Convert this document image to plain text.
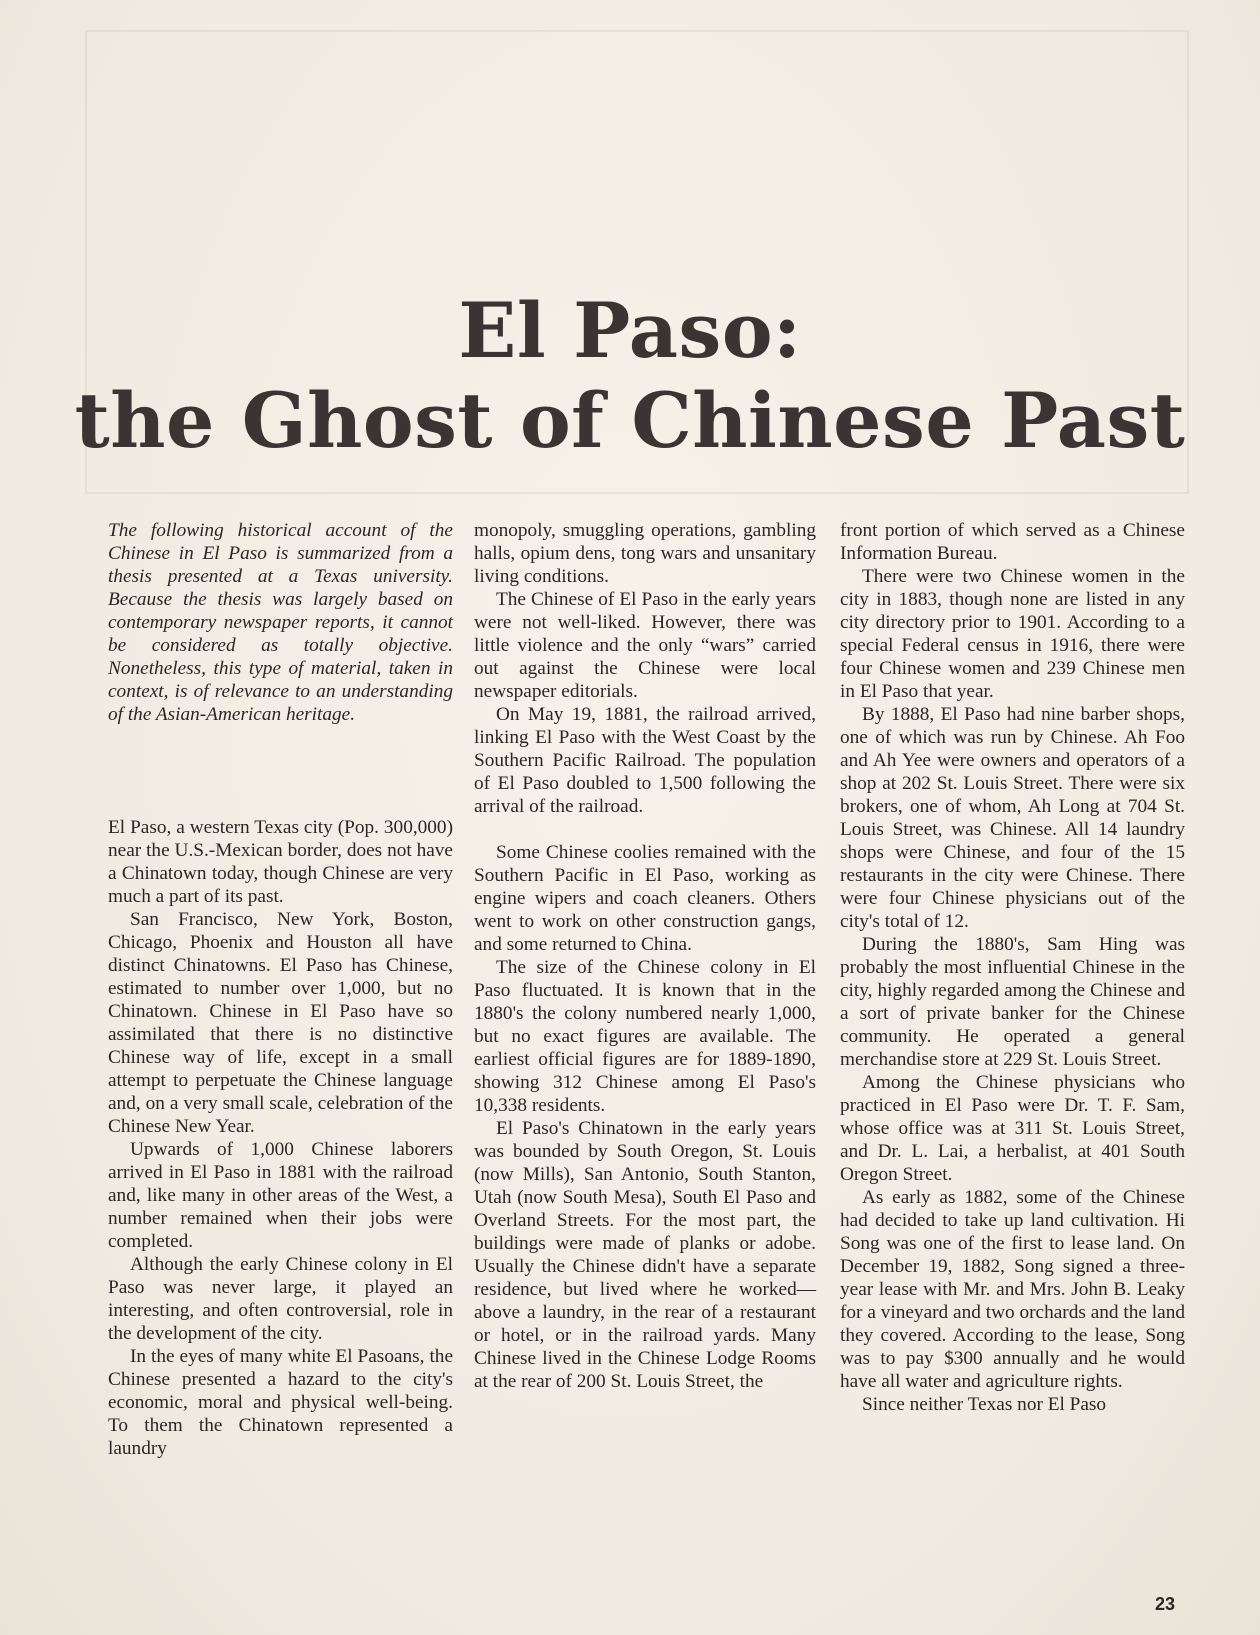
El Paso:
the Ghost of Chinese Past

The following historical account of the Chinese in El Paso is summarized from a thesis presented at a Texas university. Because the thesis was largely based on contemporary newspaper reports, it cannot be considered as totally objective. Nonetheless, this type of material, taken in context, is of relevance to an understanding of the Asian-American heritage.

El Paso, a western Texas city (Pop. 300,000) near the U.S.-Mexican border, does not have a Chinatown today, though Chinese are very much a part of its past.

San Francisco, New York, Boston, Chicago, Phoenix and Houston all have distinct Chinatowns. El Paso has Chinese, estimated to number over 1,000, but no Chinatown. Chinese in El Paso have so assimilated that there is no distinctive Chinese way of life, except in a small attempt to perpetuate the Chinese language and, on a very small scale, celebration of the Chinese New Year.

Upwards of 1,000 Chinese laborers arrived in El Paso in 1881 with the railroad and, like many in other areas of the West, a number remained when their jobs were completed.

Although the early Chinese colony in El Paso was never large, it played an interesting, and often controversial, role in the development of the city.

In the eyes of many white El Pasoans, the Chinese presented a hazard to the city's economic, moral and physical well-being. To them the Chinatown represented a laundry

monopoly, smuggling operations, gambling halls, opium dens, tong wars and unsanitary living conditions.

The Chinese of El Paso in the early years were not well-liked. However, there was little violence and the only “wars” carried out against the Chinese were local newspaper editorials.

On May 19, 1881, the railroad arrived, linking El Paso with the West Coast by the Southern Pacific Railroad. The population of El Paso doubled to 1,500 following the arrival of the railroad.

Some Chinese coolies remained with the Southern Pacific in El Paso, working as engine wipers and coach cleaners. Others went to work on other construction gangs, and some returned to China.

The size of the Chinese colony in El Paso fluctuated. It is known that in the 1880's the colony numbered nearly 1,000, but no exact figures are available. The earliest official figures are for 1889-1890, showing 312 Chinese among El Paso's 10,338 residents.

El Paso's Chinatown in the early years was bounded by South Oregon, St. Louis (now Mills), San Antonio, South Stanton, Utah (now South Mesa), South El Paso and Overland Streets. For the most part, the buildings were made of planks or adobe. Usually the Chinese didn't have a separate residence, but lived where he worked—above a laundry, in the rear of a restaurant or hotel, or in the railroad yards. Many Chinese lived in the Chinese Lodge Rooms at the rear of 200 St. Louis Street, the

front portion of which served as a Chinese Information Bureau.

There were two Chinese women in the city in 1883, though none are listed in any city directory prior to 1901. According to a special Federal census in 1916, there were four Chinese women and 239 Chinese men in El Paso that year.

By 1888, El Paso had nine barber shops, one of which was run by Chinese. Ah Foo and Ah Yee were owners and operators of a shop at 202 St. Louis Street. There were six brokers, one of whom, Ah Long at 704 St. Louis Street, was Chinese. All 14 laundry shops were Chinese, and four of the 15 restaurants in the city were Chinese. There were four Chinese physicians out of the city's total of 12.

During the 1880's, Sam Hing was probably the most influential Chinese in the city, highly regarded among the Chinese and a sort of private banker for the Chinese community. He operated a general merchandise store at 229 St. Louis Street.

Among the Chinese physicians who practiced in El Paso were Dr. T. F. Sam, whose office was at 311 St. Louis Street, and Dr. L. Lai, a herbalist, at 401 South Oregon Street.

As early as 1882, some of the Chinese had decided to take up land cultivation. Hi Song was one of the first to lease land. On December 19, 1882, Song signed a three-year lease with Mr. and Mrs. John B. Leaky for a vineyard and two orchards and the land they covered. According to the lease, Song was to pay $300 annually and he would have all water and agriculture rights.

Since neither Texas nor El Paso

23
